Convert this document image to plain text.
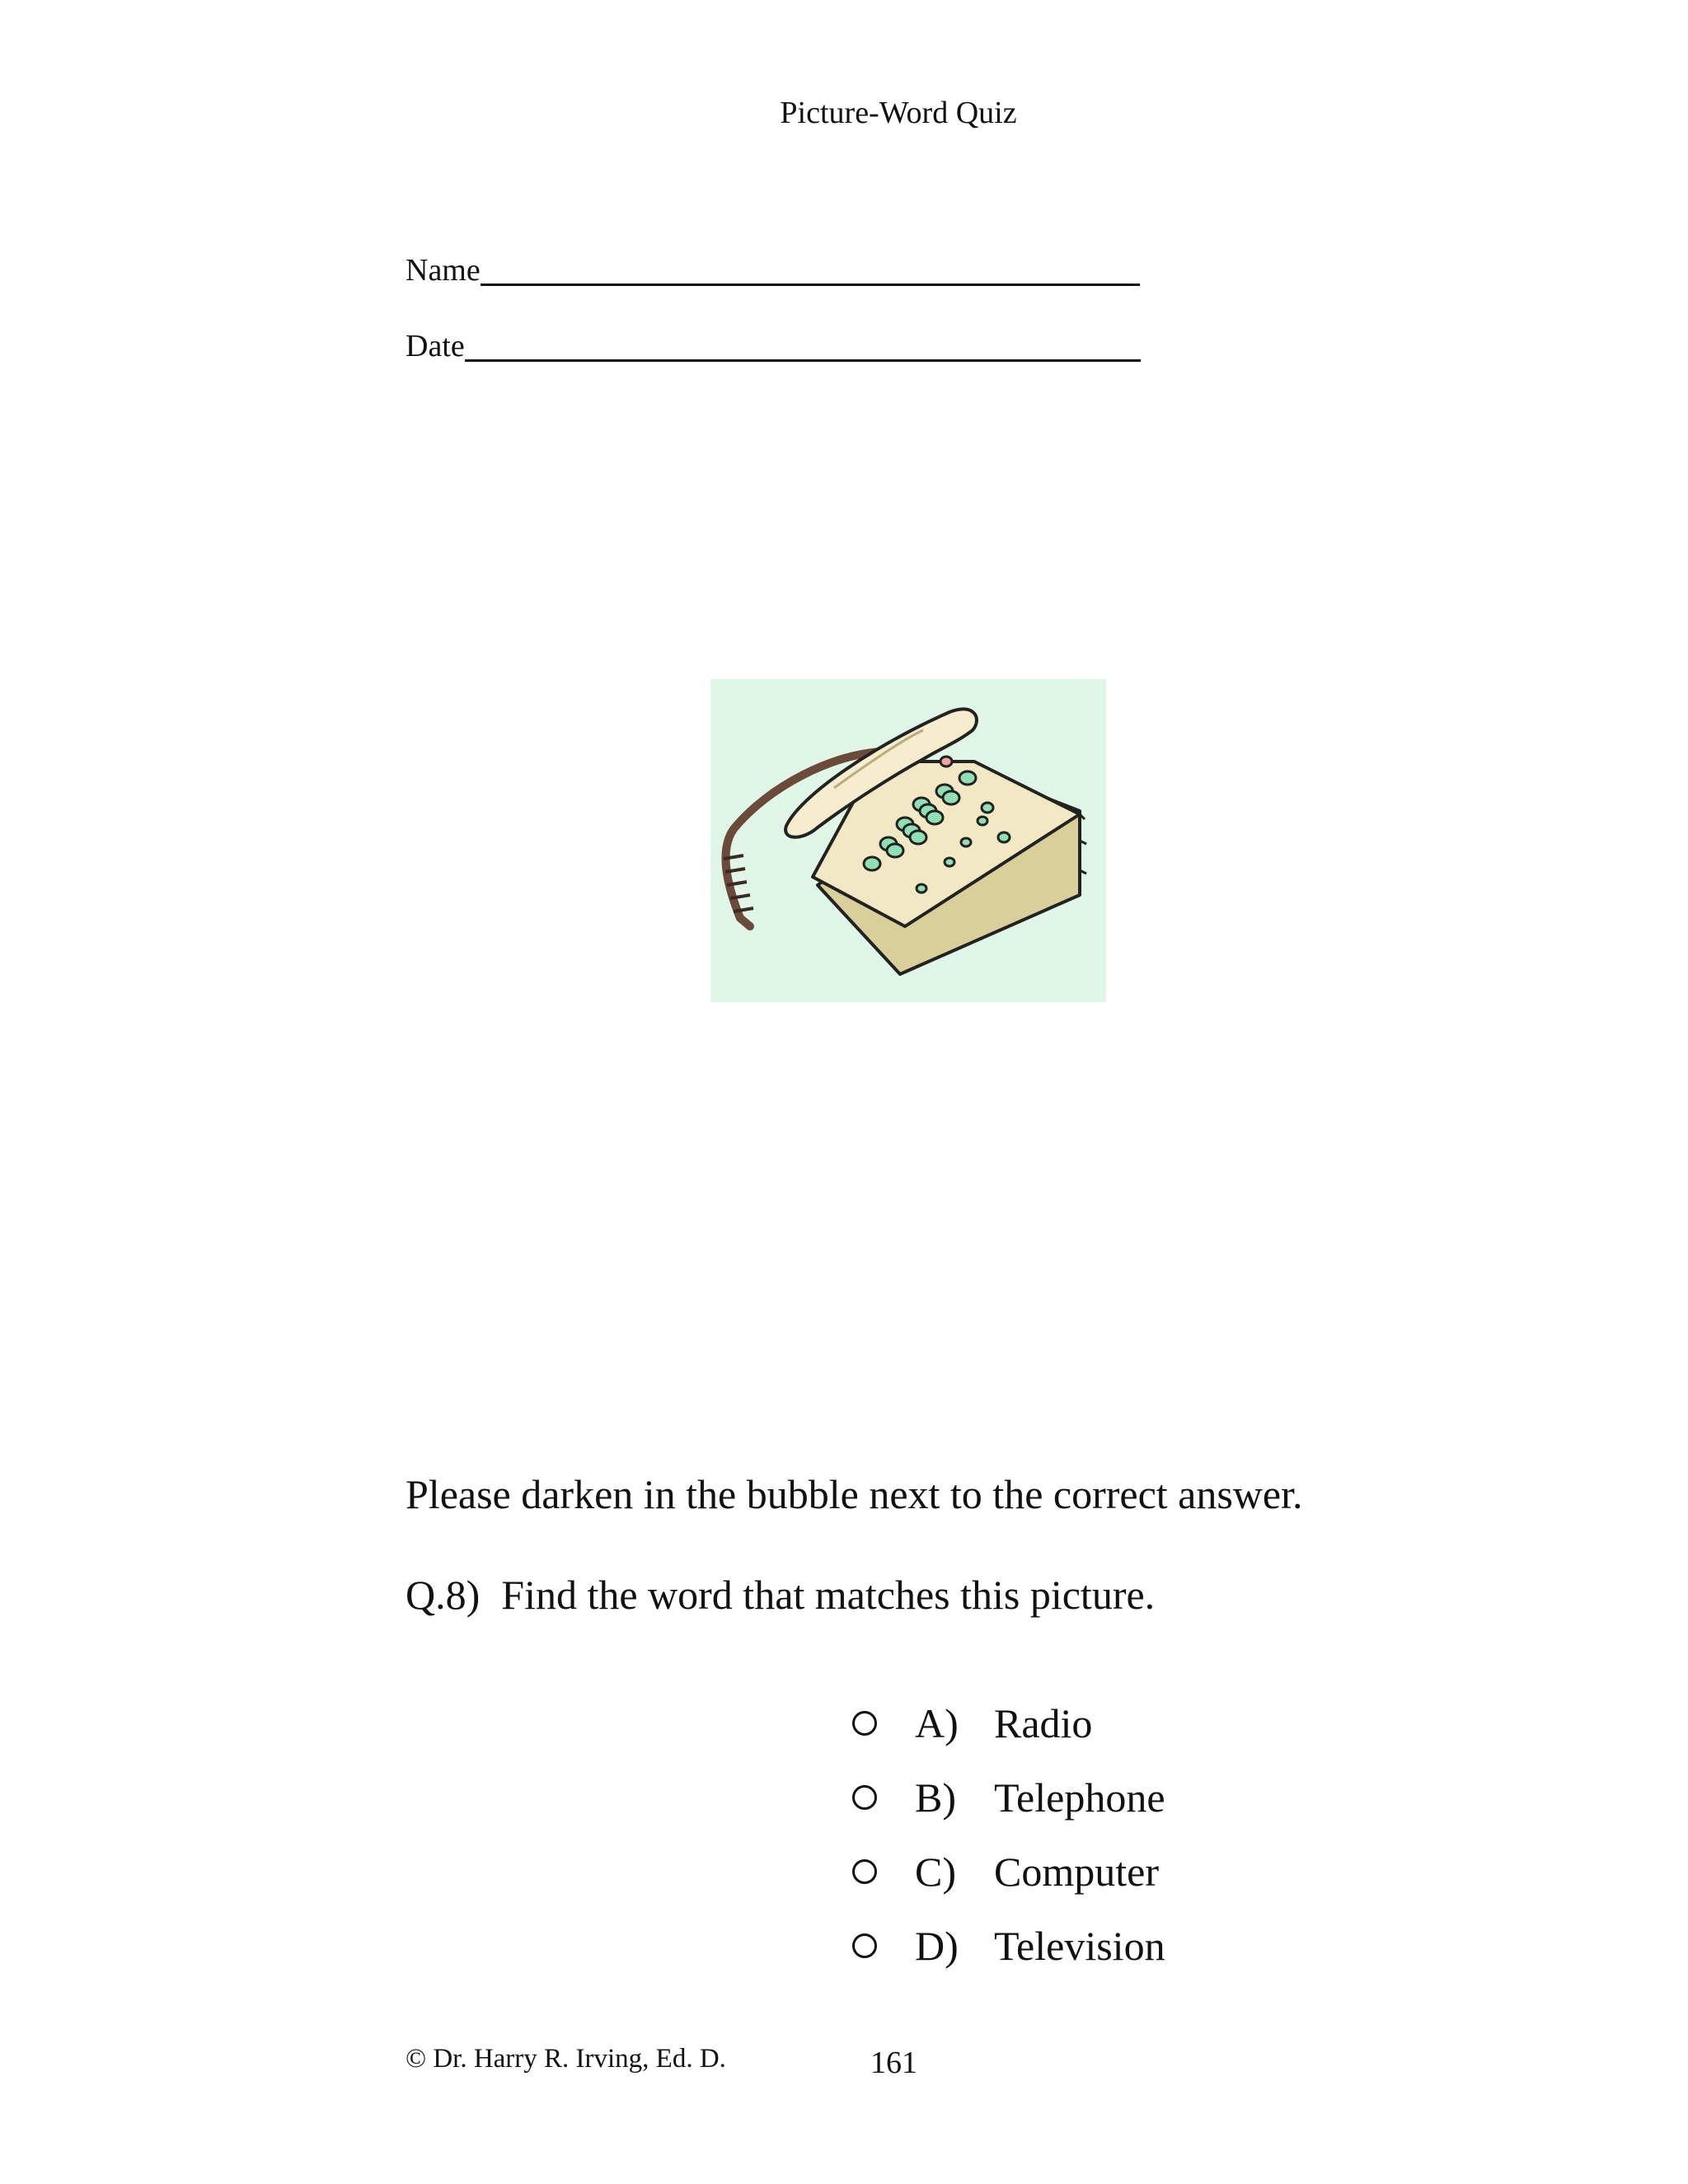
Picture-Word Quiz
Name
Date
Please darken in the bubble next to the correct answer.
Q.8) Find the word that matches this picture.
A) Radio
B) Telephone
C) Computer
D) Television
© Dr. Harry R. Irving, Ed. D.	161
